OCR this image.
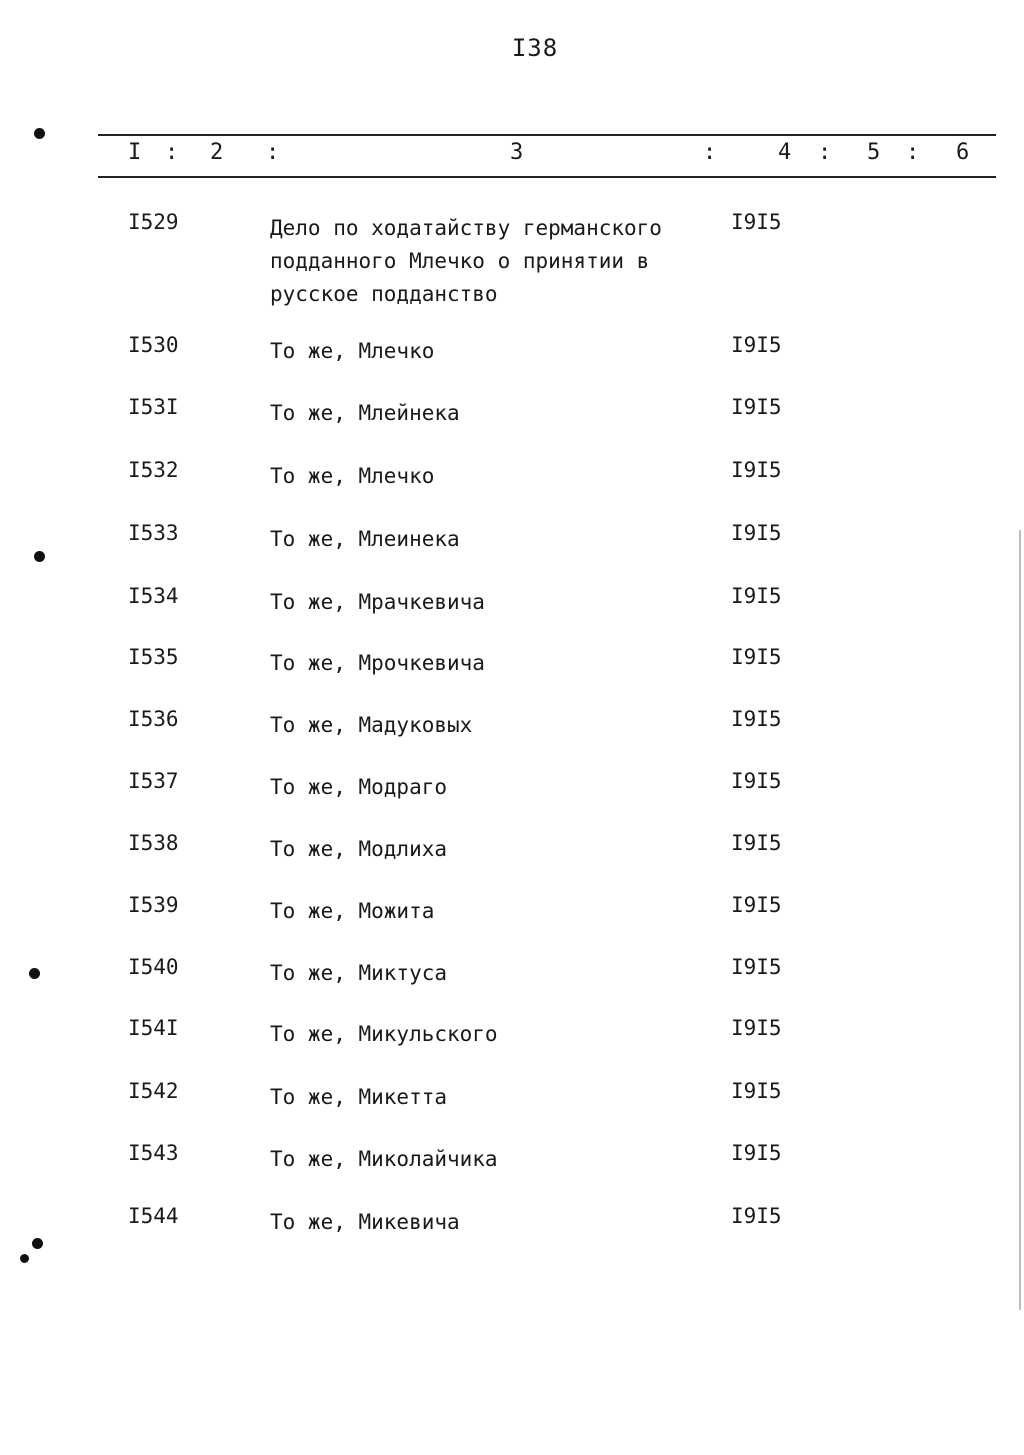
I38
I : 2 :	3	:	4 : 5 : 6
I529	Дело по ходатайству германского
подданного Млечко о принятии в
русское подданство
I9I5
I530	То же, Млечко	I9I5
I53I	То же, Млейнека	I9I5
I532	То же, Млечко	I9I5
I533	То же, Млеинека	I9I5
I534	То же, Мрачкевича	I9I5
I535	То же, Мрочкевича	I9I5
I536	То же, Мадуковых	I9I5
I537	То же, Модраго	I9I5
I538	То же, Модлиха	I9I5
I539	То же, Можита	I9I5
I540	То же, Миктуса	I9I5
I54I	То же, Микульского	I9I5
I542	То же, Микетта	I9I5
I543	То же, Миколайчика	I9I5
I544	То же, Микевича	I9I5
